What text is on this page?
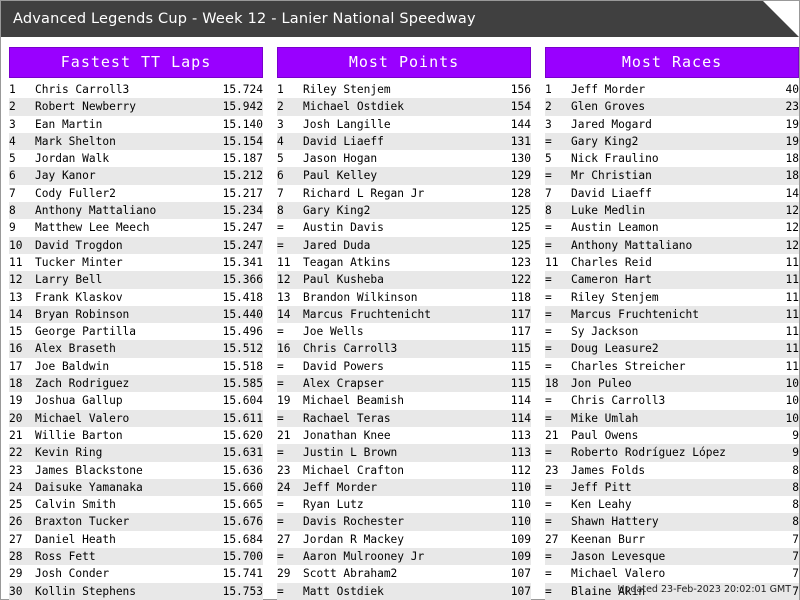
Advanced Legends Cup - Week 12 - Lanier National Speedway
Fastest TT Laps
1	Chris Carroll3	15.724
2	Robert Newberry	15.942
3	Ean Martin	15.140
4	Mark Shelton	15.154
5	Jordan Walk	15.187
6	Jay Kanor	15.212
7	Cody Fuller2	15.217
8	Anthony Mattaliano	15.234
9	Matthew Lee Meech	15.247
10	David Trogdon	15.247
11	Tucker Minter	15.341
12	Larry Bell	15.366
13	Frank Klaskov	15.418
14	Bryan Robinson	15.440
15	George Partilla	15.496
16	Alex Braseth	15.512
17	Joe Baldwin	15.518
18	Zach Rodriguez	15.585
19	Joshua Gallup	15.604
20	Michael Valero	15.611
21	Willie Barton	15.620
22	Kevin Ring	15.631
23	James Blackstone	15.636
24	Daisuke Yamanaka	15.660
25	Calvin Smith	15.665
26	Braxton Tucker	15.676
27	Daniel Heath	15.684
28	Ross Fett	15.700
29	Josh Conder	15.741
30	Kollin Stephens	15.753
Most Points
1	Riley Stenjem	156
2	Michael Ostdiek	154
3	Josh Langille	144
4	David Liaeff	131
5	Jason Hogan	130
6	Paul Kelley	129
7	Richard L Regan Jr	128
8	Gary King2	125
=	Austin Davis	125
=	Jared Duda	125
11	Teagan Atkins	123
12	Paul Kusheba	122
13	Brandon Wilkinson	118
14	Marcus Fruchtenicht	117
=	Joe Wells	117
16	Chris Carroll3	115
=	David Powers	115
=	Alex Crapser	115
19	Michael Beamish	114
=	Rachael Teras	114
21	Jonathan Knee	113
=	Justin L Brown	113
23	Michael Crafton	112
24	Jeff Morder	110
=	Ryan Lutz	110
=	Davis Rochester	110
27	Jordan R Mackey	109
=	Aaron Mulrooney Jr	109
29	Scott Abraham2	107
=	Matt Ostdiek	107
Most Races
1	Jeff Morder	40
2	Glen Groves	23
3	Jared Mogard	19
=	Gary King2	19
5	Nick Fraulino	18
=	Mr Christian	18
7	David Liaeff	14
8	Luke Medlin	12
=	Austin Leamon	12
=	Anthony Mattaliano	12
11	Charles Reid	11
=	Cameron Hart	11
=	Riley Stenjem	11
=	Marcus Fruchtenicht	11
=	Sy Jackson	11
=	Doug Leasure2	11
=	Charles Streicher	11
18	Jon Puleo	10
=	Chris Carroll3	10
=	Mike Umlah	10
21	Paul Owens	9
=	Roberto Rodríguez López	9
23	James Folds	8
=	Jeff Pitt	8
=	Ken Leahy	8
=	Shawn Hattery	8
27	Keenan Burr	7
=	Jason Levesque	7
=	Michael Valero	7
=	Blaine Akin	7
Updated 23-Feb-2023 20:02:01 GMT
